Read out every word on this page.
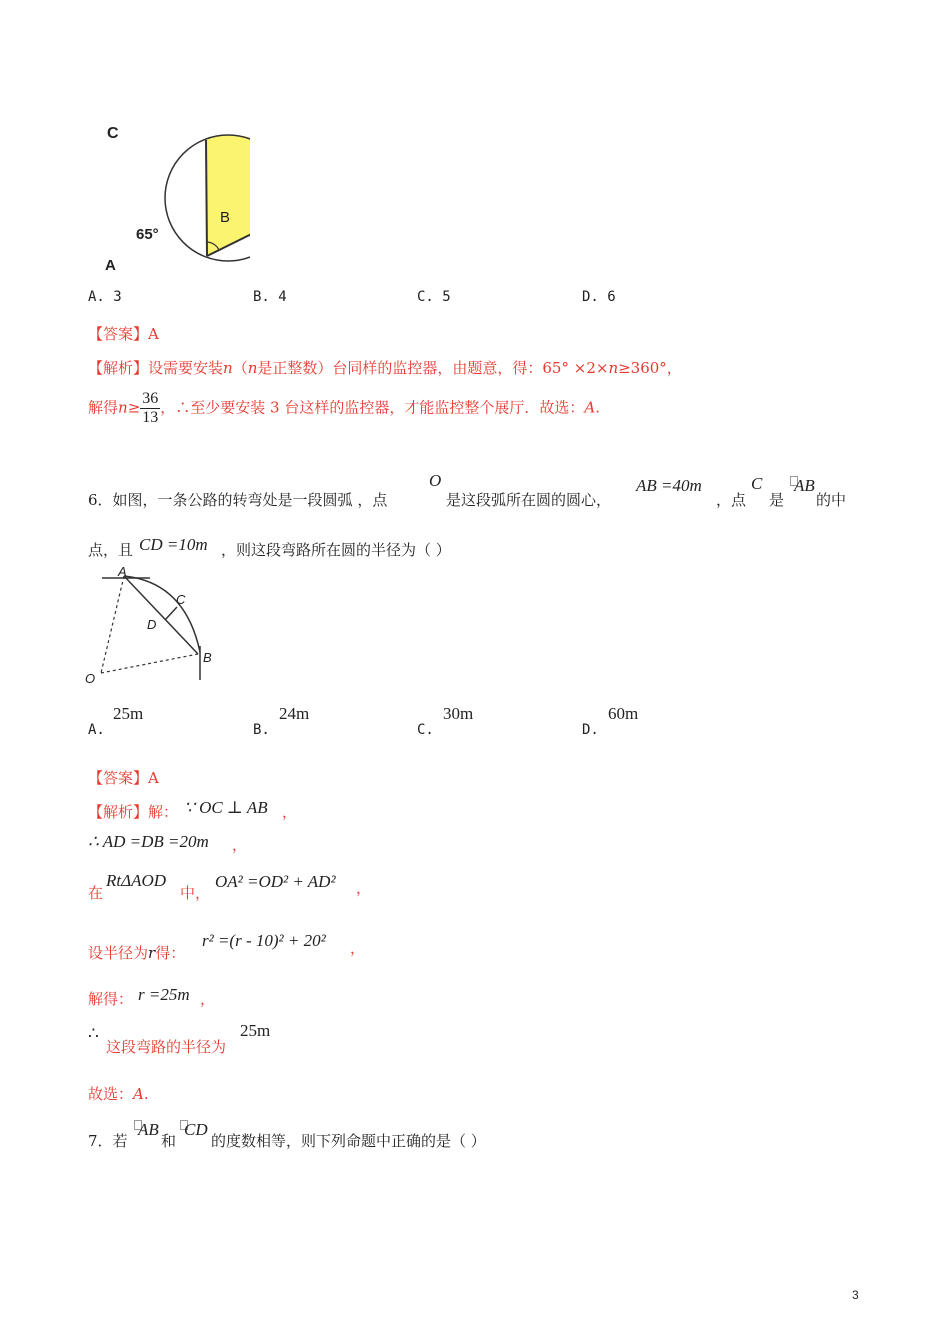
C
B
A
65°
A. 3	B. 4	C. 5	D. 6
【答案】A
【解析】设需要安装n（n是正整数）台同样的监控器，由题意，得：65° ×2×n≥360°，
解得$n\ge \frac{36}{13}$ ，∴至少要安装 3 台这样的监控器，才能监控整个展厅．故选：A.
6．如图，一条公路的转弯处是一段圆弧 ，点
O
是这段弧所在圆的圆心，
AB =40m
，点
C
是
AB
的中
点，且 CD =10m ，则这段弯路所在圆的半径为（ ）
A
C
D
B
O
A.
25m
B.
24m
C.
30m
D.
60m
【答案】A
【解析】解： ∵ OC ⊥ AB ，
∴ AD =DB =20m ，
在
RtΔAOD
中，
OA² =OD² + AD² ，
设半径为r得：
r² =(r - 10)² + 20² ，
解得： r =25m ，
∴
这段弯路的半径为
25m
故选：A.
7．若
AB
和
CD
的度数相等，则下列命题中正确的是（ ）
3
